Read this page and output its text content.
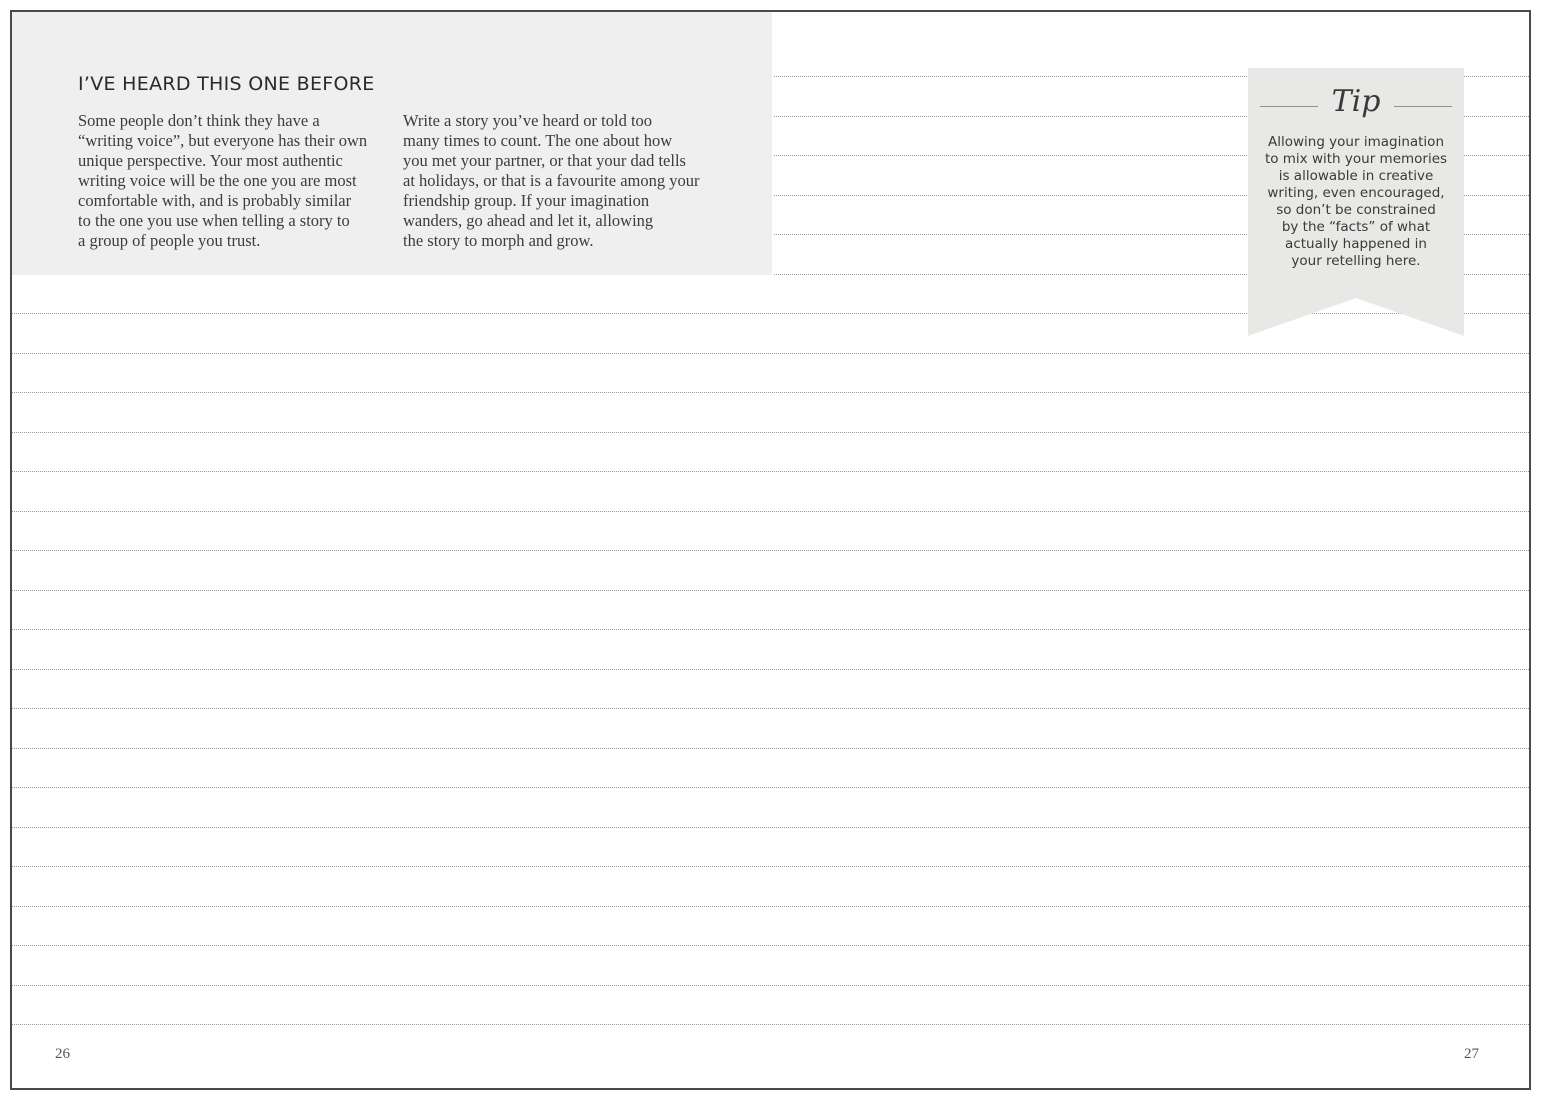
I’VE HEARD THIS ONE BEFORE
Some people don’t think they have a
“writing voice”, but everyone has their own
unique perspective. Your most authentic
writing voice will be the one you are most
comfortable with, and is probably similar
to the one you use when telling a story to
a group of people you trust.
Write a story you’ve heard or told too
many times to count. The one about how
you met your partner, or that your dad tells
at holidays, or that is a favourite among your
friendship group. If your imagination
wanders, go ahead and let it, allowing
the story to morph and grow.
Tip
Allowing your imagination
to mix with your memories
is allowable in creative
writing, even encouraged,
so don’t be constrained
by the “facts” of what
actually happened in
your retelling here.
26	27
